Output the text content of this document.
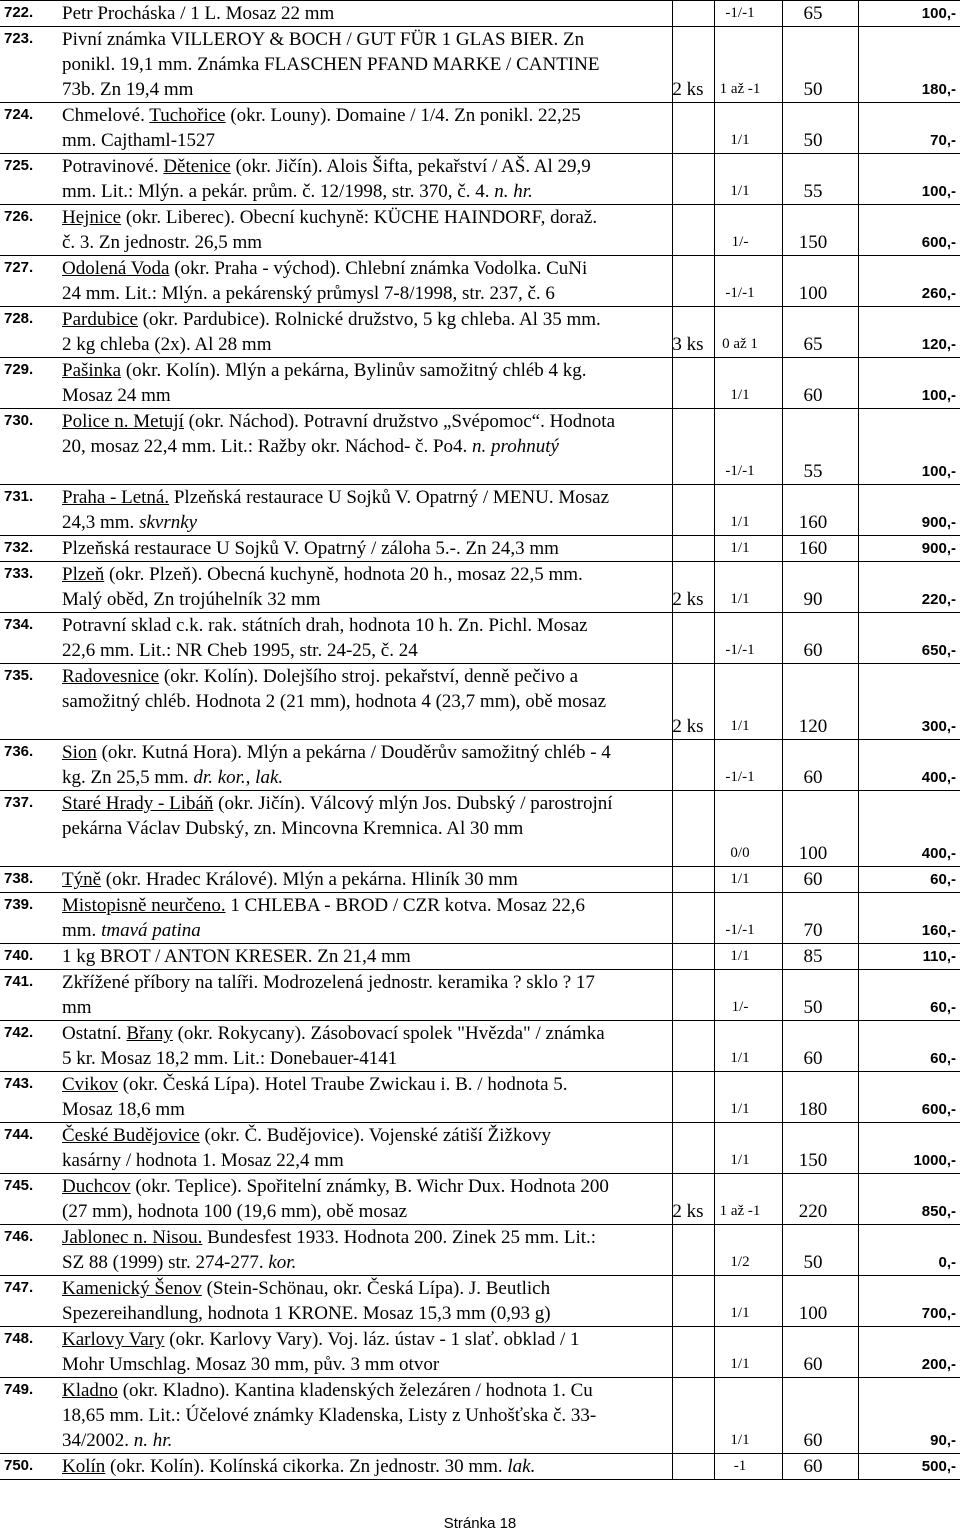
722. Petr Procháska / 1 L. Mosaz 22 mm	-1/-1	65	100,-
723. Pivní známka VILLEROY & BOCH / GUT FÜR 1 GLAS BIER. Zn
ponikl. 19,1 mm. Známka FLASCHEN PFAND MARKE / CANTINE
73b. Zn 19,4 mm	2 ks	1 až -1	50	180,-
724. Chmelové. Tuchořice (okr. Louny). Domaine / 1/4. Zn ponikl. 22,25
mm. Cajthaml-1527	1/1	50	70,-
725. Potravinové. Dětenice (okr. Jičín). Alois Šifta, pekařství / AŠ. Al 29,9
mm. Lit.: Mlýn. a pekár. prům. č. 12/1998, str. 370, č. 4. n. hr.	1/1	55	100,-
726. Hejnice (okr. Liberec). Obecní kuchyně: KÜCHE HAINDORF, dorаž.
č. 3. Zn jednostr. 26,5 mm	1/-	150	600,-
727. Odolená Voda (okr. Praha - východ). Chlební známka Vodolka. CuNi
24 mm. Lit.: Mlýn. a pekárenský průmysl 7-8/1998, str. 237, č. 6	-1/-1	100	260,-
728. Pardubice (okr. Pardubice). Rolnické družstvo, 5 kg chleba. Al 35 mm.
2 kg chleba (2x). Al 28 mm	3 ks	0 až 1	65	120,-
729. Pašinka (okr. Kolín). Mlýn a pekárna, Bylinův samožitný chléb 4 kg.
Mosaz 24 mm	1/1	60	100,-
730. Police n. Metují (okr. Náchod). Potravní družstvo „Svépomoc“. Hodnota
20, mosaz 22,4 mm. Lit.: Ražby okr. Náchod- č. Po4. n. prohnutý
-1/-1	55	100,-
731. Praha - Letná. Plzeňská restaurace U Sojků V. Opatrný / MENU. Mosaz
24,3 mm. skvrnky	1/1	160	900,-
732. Plzeňská restaurace U Sojků V. Opatrný / záloha 5.-. Zn 24,3 mm	1/1	160	900,-
733. Plzeň (okr. Plzeň). Obecná kuchyně, hodnota 20 h., mosaz 22,5 mm.
Malý oběd, Zn trojúhelník 32 mm	2 ks	1/1	90	220,-
734. Potravní sklad c.k. rak. státních drah, hodnota 10 h. Zn. Pichl. Mosaz
22,6 mm. Lit.: NR Cheb 1995, str. 24-25, č. 24	-1/-1	60	650,-
735. Radovesnice (okr. Kolín). Dolejšího stroj. pekařství, denně pečivo a
samožitný chléb. Hodnota 2 (21 mm), hodnota 4 (23,7 mm), obě mosaz
2 ks	1/1	120	300,-
736. Sion (okr. Kutná Hora). Mlýn a pekárna / Douděrův samožitný chléb - 4
kg. Zn 25,5 mm. dr. kor., lak.	-1/-1	60	400,-
737. Staré Hrady - Libáň (okr. Jičín). Válcový mlýn Jos. Dubský / parostrojní
pekárna Václav Dubský, zn. Mincovna Kremnica. Al 30 mm
0/0	100	400,-
738. Týně (okr. Hradec Králové). Mlýn a pekárna. Hliník 30 mm	1/1	60	60,-
739. Mistopisně neurčeno. 1 CHLEBA - BROD / CZR kotva. Mosaz 22,6
mm. tmavá patina	-1/-1	70	160,-
740. 1 kg BROT / ANTON KRESER. Zn 21,4 mm	1/1	85	110,-
741. Zkřížené příbory na talíři. Modrozelená jednostr. keramika ? sklo ? 17
mm	1/-	50	60,-
742. Ostatní. Břany (okr. Rokycany). Zásobovací spolek "Hvězda" / známka
5 kr. Mosaz 18,2 mm. Lit.: Donebauer-4141	1/1	60	60,-
743. Cvikov (okr. Česká Lípa). Hotel Traube Zwickau i. B. / hodnota 5.
Mosaz 18,6 mm	1/1	180	600,-
744. České Budějovice (okr. Č. Budějovice). Vojenské zátiší Žižkovy
kasárny / hodnota 1. Mosaz 22,4 mm	1/1	150	1000,-
745. Duchcov (okr. Teplice). Spořitelní známky, B. Wichr Dux. Hodnota 200
(27 mm), hodnota 100 (19,6 mm), obě mosaz	2 ks	1 až -1	220	850,-
746. Jablonec n. Nisou. Bundesfest 1933. Hodnota 200. Zinek 25 mm. Lit.:
SZ 88 (1999) str. 274-277. kor.	1/2	50	0,-
747. Kamenický Šenov (Stein-Schönau, okr. Česká Lípa). J. Beutlich
Spezereihandlung, hodnota 1 KRONE. Mosaz 15,3 mm (0,93 g)	1/1	100	700,-
748. Karlovy Vary (okr. Karlovy Vary). Voj. láz. ústav - 1 slať. obklad / 1
Mohr Umschlag. Mosaz 30 mm, pův. 3 mm otvor	1/1	60	200,-
749. Kladno (okr. Kladno). Kantina kladenských železáren / hodnota 1. Cu
18,65 mm. Lit.: Účelové známky Kladenska, Listy z Unhošťska č. 33-
34/2002. n. hr.	1/1	60	90,-
750. Kolín (okr. Kolín). Kolínská cikorka. Zn jednostr. 30 mm. lak.	-1	60	500,-
Stránka 18
